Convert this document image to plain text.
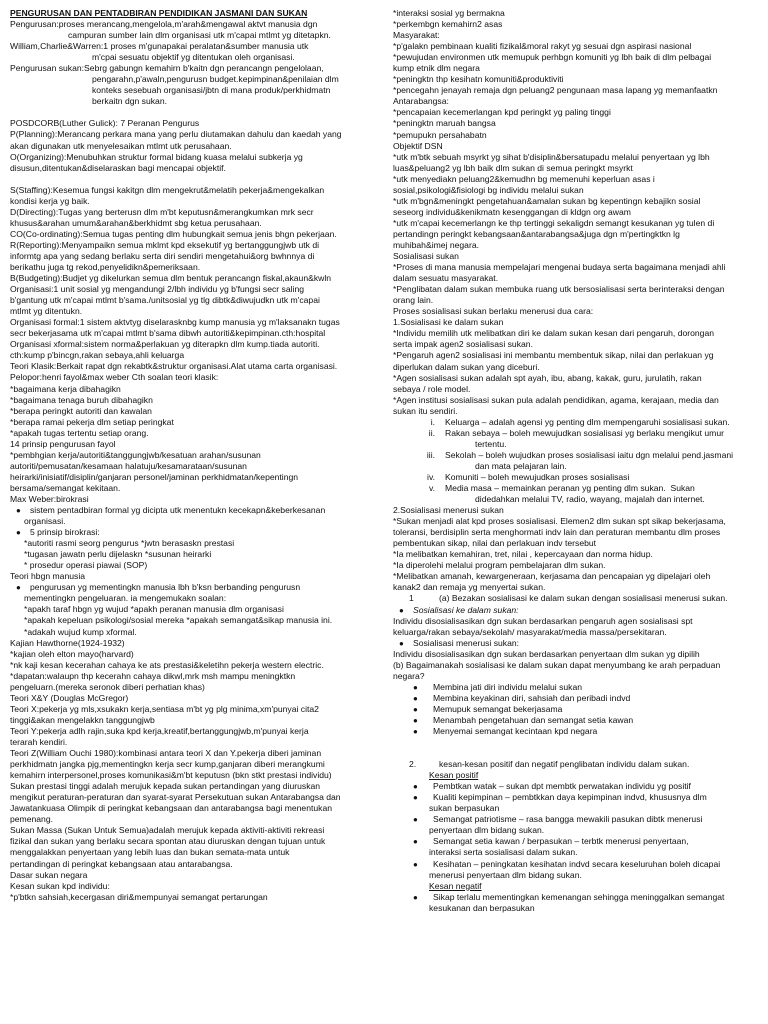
PENGURUSAN DAN PENTADBIRAN PENDIDIKAN JASMANI DAN SUKAN
Pengurusan:proses merancang,mengelola,m'arah&mengawal aktvt manusia dgn
campuran sumber lain dlm organisasi utk m'capai mtlmt yg ditetapkn.
William,Charlie&Warren:1 proses m'gunapakai peralatan&sumber manusia utk
m'cpai sesuatu objektif yg ditentukan oleh organisasi.
Pengurusan sukan:Sebrg gabungn kemahirn b'kaitn dgn perancangn pengelolaan,
pengarahn,p'awaln,pengurusn budget.kepimpinan&penilaian dlm
konteks sesebuah organisasi/jbtn di mana produk/perkhidmatn
berkaitn dgn sukan.
POSDCORB(Luther Gulick): 7 Peranan Pengurus
P(Planning):Merancang perkara mana yang perlu diutamakan dahulu dan kaedah yang
akan digunakan utk menyelesaikan mtlmt utk perusahaan.
O(Organizing):Menubuhkan struktur formal bidang kuasa melalui subkerja yg
disusun,ditentukan&diselaraskan bagi mencapai objektif.
S(Staffing):Kesemua fungsi kakitgn dlm mengekrut&melatih pekerja&mengekalkan
kondisi kerja yg baik.
D(Directing):Tugas yang berterusn dlm m'bt keputusn&merangkumkan mrk secr
khusus&arahan umum&arahan&berkhidmt sbg ketua perusahaan.
CO(Co-ordinating):Semua tugas penting dlm hubungkait semua jenis bhgn pekerjaan.
R(Reporting):Menyampaikn semua mklmt kpd eksekutif yg bertanggungjwb utk di
informtg apa yang sedang berlaku serta diri sendiri mengetahui&org bwhnnya di
berikathu juga tg rekod,penyelidikn&pemeriksaan.
B(Budgeting):Budjet yg dikelurkan semua dlm bentuk perancangn fiskal,akaun&kwln
Organisasi:1 unit sosial yg mengandungi 2/lbh individu yg b'fungsi secr saling
b'gantung utk m'capai mtlmt b'sama./unitsosial yg tlg dibtk&diwujudkn utk m'capai
mtlmt yg ditentukn.
Organisasi formal:1 sistem aktvtyg diselarasknbg kump manusia yg m'laksanakn tugas
secr bekerjasama utk m'capai mtlmt b'sama dibwh autoriti&kepimpinan.cth:hospital
Organisasi xformal:sistem norma&perlakuan yg diterapkn dlm kump.tiada autoriti.
cth:kump p'bincgn,rakan sebaya,ahli keluarga
Teori Klasik:Berkait rapat dgn rekabtk&struktur organisasi.Alat utama carta organisasi.
Pelopor:henri fayol&max weber Cth soalan teori klasik:
*bagaimana kerja dibahagikn
*bagaimana tenaga buruh dibahagikn
*berapa peringkt autoriti dan kawalan
*berapa ramai pekerja dlm setiap peringkat
*apakah tugas tertentu setiap orang.
14 prinsip pengurusan fayol
*pembhgian kerja/autoriti&tanggungjwb/kesatuan arahan/susunan
autoriti/pemusatan/kesamaan halatuju/kesamarataan/susunan
heirarki/inisiatif/disiplin/ganjaran personel/jaminan perkhidmatan/kepentingn
bersama/semangat kekitaan.
Max Weber:birokrasi
●	sistem pentadbiran formal yg dicipta utk menentukn kecekapn&keberkesanan
organisasi.
●	5 prinsip birokrasi:
*autoriti rasmi seorg pengurus *jwtn berasaskn prestasi
*tugasan jawatn perlu dijelaskn *susunan heirarki
* prosedur operasi piawai (SOP)
Teori hbgn manusia
●	pengurusan yg mementingkn manusia lbh b'ksn berbanding pengurusn
mementingkn pengeluaran. ia mengemukakn soalan:
*apakh taraf hbgn yg wujud *apakh peranan manusia dlm organisasi
*apakah kepeluan psikologi/sosial mereka *apakah semangat&sikap manusia ini.
*adakah wujud kump xformal.
Kajian Hawthorne(1924-1932)
*kajian oleh elton mayo(harvard)
*nk kaji kesan kecerahan cahaya ke ats prestasi&keletihn pekerja western electric.
*dapatan:walaupn thp kecerahn cahaya dikwl,mrk msh mampu meningktkn
pengeluarn.(mereka seronok diberi perhatian khas)
Teori X&Y (Douglas McGregor)
Teori X:pekerja yg mls,xsukakn kerja,sentiasa m'bt yg plg minima,xm'punyai cita2
tinggi&akan mengelakkn tanggungjwb
Teori Y:pekerja adlh rajin,suka kpd kerja,kreatif,bertanggungjwb,m'punyai kerja
terarah kendiri.
Teori Z(William Ouchi 1980):kombinasi antara teori X dan Y.pekerja diberi jaminan
perkhidmatn jangka pjg,mementingkn kerja secr kump,ganjaran diberi merangkumi
kemahirn interpersonel,proses komunikasi&m'bt keputusn (bkn stkt prestasi individu)
Sukan prestasi tinggi adalah merujuk kepada sukan pertandingan yang diuruskan
mengikut peraturan-peraturan dan syarat-syarat Persekutuan sukan Antarabangsa dan
Jawatankuasa Olimpik di peringkat kebangsaan dan antarabangsa bagi menentukan
pemenang.
Sukan Massa (Sukan Untuk Semua)adalah merujuk kepada aktiviti-aktiviti rekreasi
fizikal dan sukan yang berlaku secara spontan atau diuruskan dengan tujuan untuk
menggalakkan penyertaan yang lebih luas dan bukan semata-mata untuk
pertandingan di peringkat kebangsaan atau antarabangsa.
Dasar sukan negara
Kesan sukan kpd individu:
*p'btkn sahsiah,kecergasan diri&mempunyai semangat pertarungan
*interaksi sosial yg bermakna
*perkembgn kemahirn2 asas
Masyarakat:
*p'galakn pembinaan kualiti fizikal&moral rakyt yg sesuai dgn aspirasi nasional
*pewujudan environmen utk memupuk perhbgn komuniti yg lbh baik di dlm pelbagai
kump etnik dlm negara
*peningktn thp kesihatn komuniti&produktiviti
*pencegahn jenayah remaja dgn peluang2 pengunaan masa lapang yg memanfaatkn
Antarabangsa:
*pencapaian kecemerlangan kpd peringkt yg paling tinggi
*peningktn maruah bangsa
*pemupukn persahabatn
Objektif DSN
*utk m'btk sebuah msyrkt yg sihat b'disiplin&bersatupadu melalui penyertaan yg lbh
luas&peluang2 yg lbh baik dlm sukan di semua peringkt msyrkt
*utk menyediakn peluang2&kemudhn bg memenuhi keperluan asas i
sosial,psikologi&fisiologi bg individu melalui sukan
*utk m'bgn&meningkt pengetahuan&amalan sukan bg kepentingn kebajikn sosial
seseorg individu&kenikmatn kesenggangan di kldgn org awam
*utk m'capai kecemerlangn ke thp tertinggi sekaligdn semangt kesukanan yg tulen di
pertandingn peringkt kebangsaan&antarabangsa&juga dgn m'pertingktkn lg
muhibah&imej negara.
Sosialisasi sukan
*Proses di mana manusia mempelajari mengenai budaya serta bagaimana menjadi ahli
dalam sesuatu masyarakat.
*Penglibatan dalam sukan membuka ruang utk bersosialisasi serta berinteraksi dengan
orang lain.
Proses sosialisasi sukan berlaku menerusi dua cara:
1.Sosialisasi ke dalam sukan
*Individu memilih utk melibatkan diri ke dalam sukan kesan dari pengaruh, dorongan
serta impak agen2 sosialisasi sukan.
*Pengaruh agen2 sosialisasi ini membantu membentuk sikap, nilai dan perlakuan yg
diperlukan dalam sukan yang diceburi.
*Agen sosialisasi sukan adalah spt ayah, ibu, abang, kakak, guru, jurulatih, rakan
sebaya / role model.
*Agen institusi sosialisasi sukan pula adalah pendidikan, agama, kerajaan, media dan
sukan itu sendiri.
i.	Keluarga – adalah agensi yg penting dlm mempengaruhi sosialisasi sukan.
ii.	Rakan sebaya – boleh mewujudkan sosialisasi yg berlaku mengikut umur
tertentu.
iii.	Sekolah – boleh wujudkan proses sosialisasi iaitu dgn melalui pend.jasmani
dan mata pelajaran lain.
iv.	Komuniti – boleh mewujudkan proses sosialisasi
v.	Media masa – memainkan peranan yg penting dlm sukan.  Sukan
didedahkan melalui TV, radio, wayang, majalah dan internet.
2.Sosialisasi menerusi sukan
*Sukan menjadi alat kpd proses sosialisasi. Elemen2 dlm sukan spt sikap bekerjasama,
toleransi, berdisiplin serta menghormati indv lain dan peraturan membantu dlm proses
pembentukan sikap, nilai dan perlakuan indv tersebut
*Ia melibatkan kemahiran, tret, nilai , kepercayaan dan norma hidup.
*Ia diperolehi melalui program pembelajaran dlm sukan.
*Melibatkan amanah, kewargeneraan, kerjasama dan pencapaian yg dipelajari oleh
kanak2 dan remaja yg menyertai sukan.
1	(a) Bezakan sosialisasi ke dalam sukan dengan sosialisasi menerusi sukan.
●	Sosialisasi ke dalam sukan:
Individu disosialisasikan dgn sukan berdasarkan pengaruh agen sosialisasi spt
keluarga/rakan sebaya/sekolah/ masyarakat/media massa/persekitaran.
●	Sosialisasi menerusi sukan:
Individu disosialisasikan dgn sukan berdasarkan penyertaan dlm sukan yg dipilih
(b) Bagaimanakah sosialisasi ke dalam sukan dapat menyumbang ke arah perpaduan
negara?
●	Membina jati diri individu melalui sukan
●	Membina keyakinan diri, sahsiah dan peribadi indvd
●	Memupuk semangat bekerjasama
●	Menambah pengetahuan dan semangat setia kawan
●	Menyemai semangat kecintaan kpd negara
2.	kesan-kesan positif dan negatif penglibatan individu dalam sukan.
Kesan positif
●	Pembtkan watak – sukan dpt membtk perwatakan individu yg positif
●	Kualiti kepimpinan – pembtkkan daya kepimpinan indvd, khususnya dlm
sukan berpasukan
●	Semangat patriotisme – rasa bangga mewakili pasukan dibtk menerusi
penyertaan dlm bidang sukan.
●	Semangat setia kawan / berpasukan – terbtk menerusi penyertaan,
interaksi serta sosialisasi dalam sukan.
●	Kesihatan – peningkatan kesihatan indvd secara keseluruhan boleh dicapai
menerusi penyertaan dlm bidang sukan.
Kesan negatif
●	Sikap terlalu mementingkan kemenangan sehingga meninggalkan semangat
kesukanan dan berpasukan
